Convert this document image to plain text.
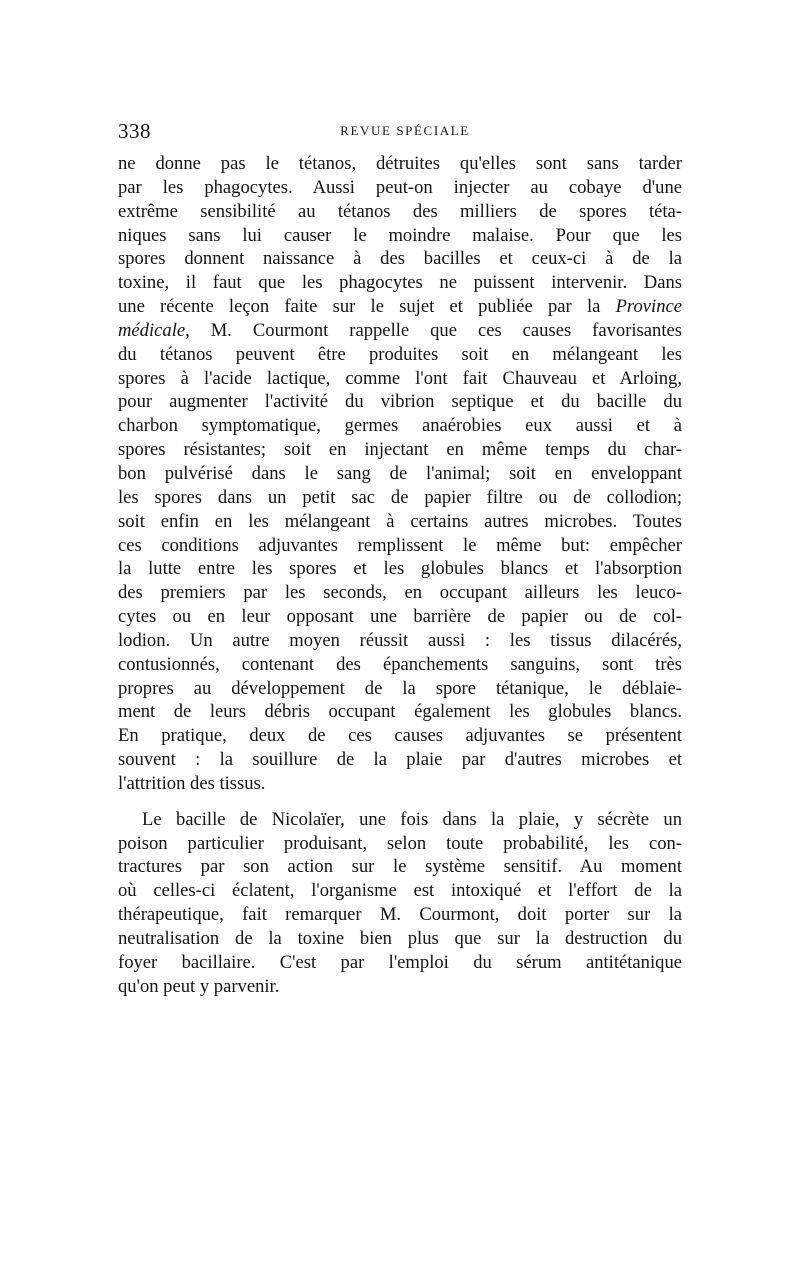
338	REVUE SPÉCIALE
ne donne pas le tétanos, détruites qu'elles sont sans tarder
par les phagocytes. Aussi peut-on injecter au cobaye d'une
extrême sensibilité au tétanos des milliers de spores téta-
niques sans lui causer le moindre malaise. Pour que les
spores donnent naissance à des bacilles et ceux-ci à de la
toxine, il faut que les phagocytes ne puissent intervenir. Dans
une récente leçon faite sur le sujet et publiée par la Province
médicale, M. Courmont rappelle que ces causes favorisantes
du tétanos peuvent être produites soit en mélangeant les
spores à l'acide lactique, comme l'ont fait Chauveau et Arloing,
pour augmenter l'activité du vibrion septique et du bacille du
charbon symptomatique, germes anaérobies eux aussi et à
spores résistantes; soit en injectant en même temps du char-
bon pulvérisé dans le sang de l'animal; soit en enveloppant
les spores dans un petit sac de papier filtre ou de collodion;
soit enfin en les mélangeant à certains autres microbes. Toutes
ces conditions adjuvantes remplissent le même but: empêcher
la lutte entre les spores et les globules blancs et l'absorption
des premiers par les seconds, en occupant ailleurs les leuco-
cytes ou en leur opposant une barrière de papier ou de col-
lodion. Un autre moyen réussit aussi : les tissus dilacérés,
contusionnés, contenant des épanchements sanguins, sont très
propres au développement de la spore tétanique, le déblaie-
ment de leurs débris occupant également les globules blancs.
En pratique, deux de ces causes adjuvantes se présentent
souvent : la souillure de la plaie par d'autres microbes et
l'attrition des tissus.
Le bacille de Nicolaïer, une fois dans la plaie, y sécrète un
poison particulier produisant, selon toute probabilité, les con-
tractures par son action sur le système sensitif. Au moment
où celles-ci éclatent, l'organisme est intoxiqué et l'effort de la
thérapeutique, fait remarquer M. Courmont, doit porter sur la
neutralisation de la toxine bien plus que sur la destruction du
foyer bacillaire. C'est par l'emploi du sérum antitétanique
qu'on peut y parvenir.
